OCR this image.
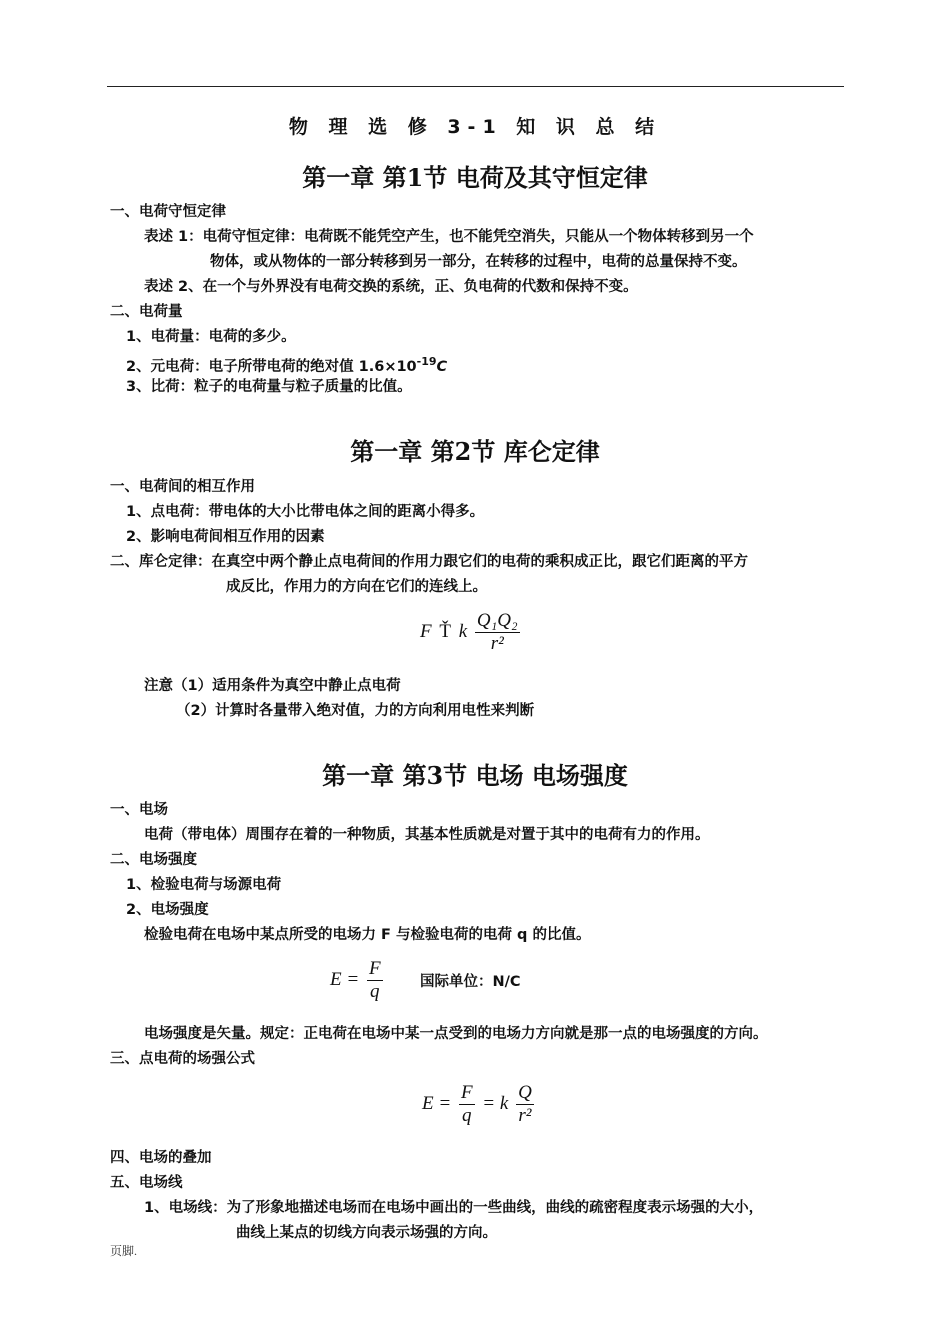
物 理 选 修 3-1 知 识 总 结
第一章 第1节 电荷及其守恒定律
一、电荷守恒定律
表述 1：电荷守恒定律：电荷既不能凭空产生，也不能凭空消失，只能从一个物体转移到另一个
物体，或从物体的一部分转移到另一部分，在转移的过程中，电荷的总量保持不变。
表述 2、在一个与外界没有电荷交换的系统，正、负电荷的代数和保持不变。
二、电荷量
1、电荷量：电荷的多少。
2、元电荷：电子所带电荷的绝对值 $1.6\times 10^{-19}C$
3、比荷：粒子的电荷量与粒子质量的比值。
第一章 第2节 库仑定律
一、电荷间的相互作用
1、点电荷：带电体的大小比带电体之间的距离小得多。
2、影响电荷间相互作用的因素
二、库仑定律：在真空中两个静止点电荷间的作用力跟它们的电荷的乘积成正比，跟它们距离的平方
成反比，作用力的方向在它们的连线上。
F Ť k $\frac{\text{Q₁Q₂}}{\text{r²}}$
注意（1）适用条件为真空中静止点电荷
（2）计算时各量带入绝对值，力的方向利用电性来判断
第一章 第3节 电场 电场强度
一、电场
电荷（带电体）周围存在着的一种物质，其基本性质就是对置于其中的电荷有力的作用。
二、电场强度
1、检验电荷与场源电荷
2、电场强度
检验电荷在电场中某点所受的电场力 F 与检验电荷的电荷 q 的比值。
$E = \frac{F}{q}$	国际单位：N/C
电场强度是矢量。规定：正电荷在电场中某一点受到的电场力方向就是那一点的电场强度的方向。
三、点电荷的场强公式
$E = \frac{F}{q} = k \frac{Q}{\text{r²}}$
四、电场的叠加
五、电场线
1、电场线：为了形象地描述电场而在电场中画出的一些曲线，曲线的疏密程度表示场强的大小，
曲线上某点的切线方向表示场强的方向。
页脚.
